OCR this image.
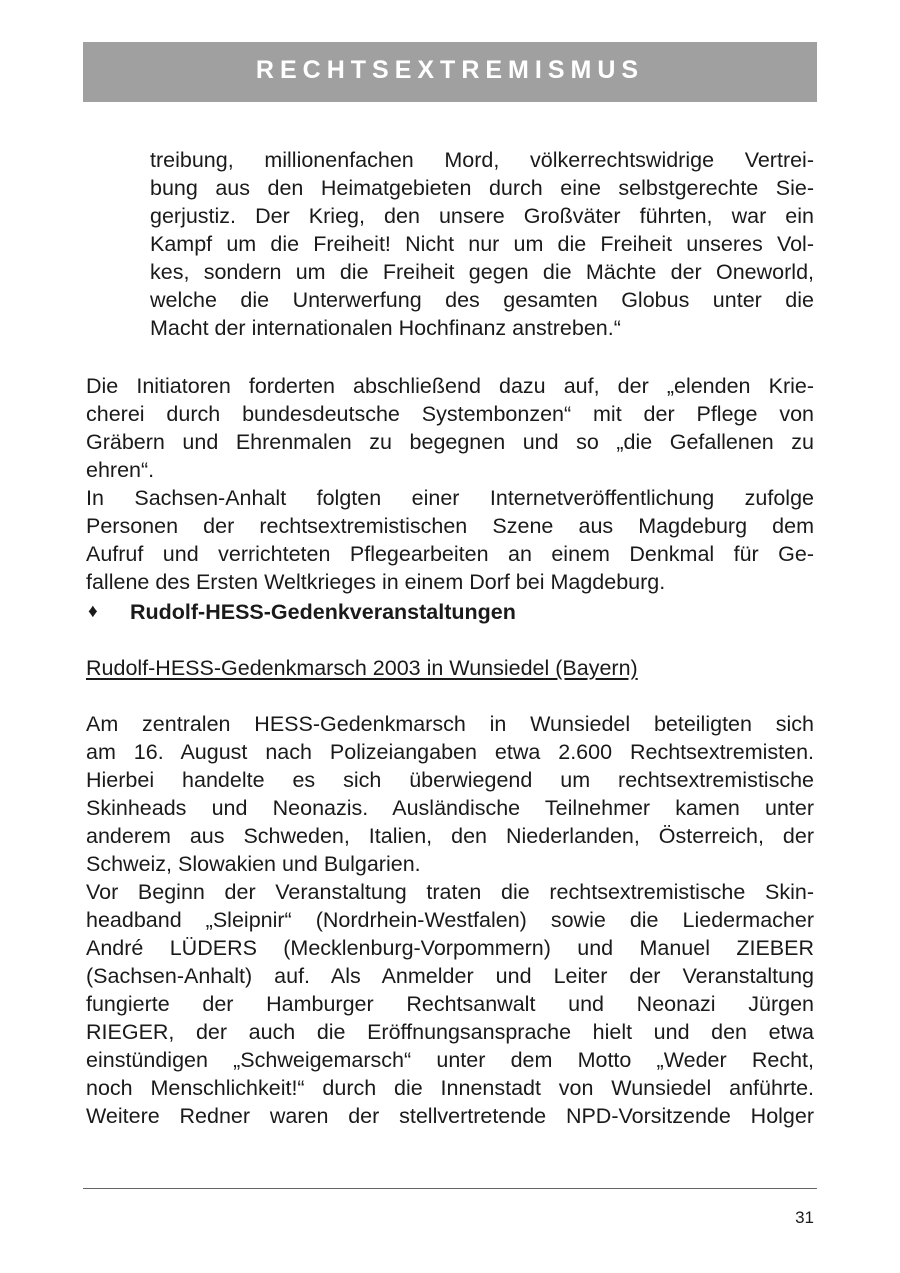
RECHTSEXTREMISMUS
treibung, millionenfachen Mord, völkerrechtswidrige Vertrei-
bung aus den Heimatgebieten durch eine selbstgerechte Sie-
gerjustiz. Der Krieg, den unsere Großväter führten, war ein
Kampf um die Freiheit! Nicht nur um die Freiheit unseres Vol-
kes, sondern um die Freiheit gegen die Mächte der Oneworld,
welche die Unterwerfung des gesamten Globus unter die
Macht der internationalen Hochfinanz anstreben.“
Die Initiatoren forderten abschließend dazu auf, der „elenden Krie-
cherei durch bundesdeutsche Systembonzen“ mit der Pflege von
Gräbern und Ehrenmalen zu begegnen und so „die Gefallenen zu
ehren“.
In Sachsen-Anhalt folgten einer Internetveröffentlichung zufolge
Personen der rechtsextremistischen Szene aus Magdeburg dem
Aufruf und verrichteten Pflegearbeiten an einem Denkmal für Ge-
fallene des Ersten Weltkrieges in einem Dorf bei Magdeburg.
♦ Rudolf-HESS-Gedenkveranstaltungen
Rudolf-HESS-Gedenkmarsch 2003 in Wunsiedel (Bayern)
Am zentralen HESS-Gedenkmarsch in Wunsiedel beteiligten sich
am 16. August nach Polizeiangaben etwa 2.600 Rechtsextremisten.
Hierbei handelte es sich überwiegend um rechtsextremistische
Skinheads und Neonazis. Ausländische Teilnehmer kamen unter
anderem aus Schweden, Italien, den Niederlanden, Österreich, der
Schweiz, Slowakien und Bulgarien.
Vor Beginn der Veranstaltung traten die rechtsextremistische Skin-
headband „Sleipnir“ (Nordrhein-Westfalen) sowie die Liedermacher
André LÜDERS (Mecklenburg-Vorpommern) und Manuel ZIEBER
(Sachsen-Anhalt) auf. Als Anmelder und Leiter der Veranstaltung
fungierte der Hamburger Rechtsanwalt und Neonazi Jürgen
RIEGER, der auch die Eröffnungsansprache hielt und den etwa
einstündigen „Schweigemarsch“ unter dem Motto „Weder Recht,
noch Menschlichkeit!“ durch die Innenstadt von Wunsiedel anführte.
Weitere Redner waren der stellvertretende NPD-Vorsitzende Holger
31
